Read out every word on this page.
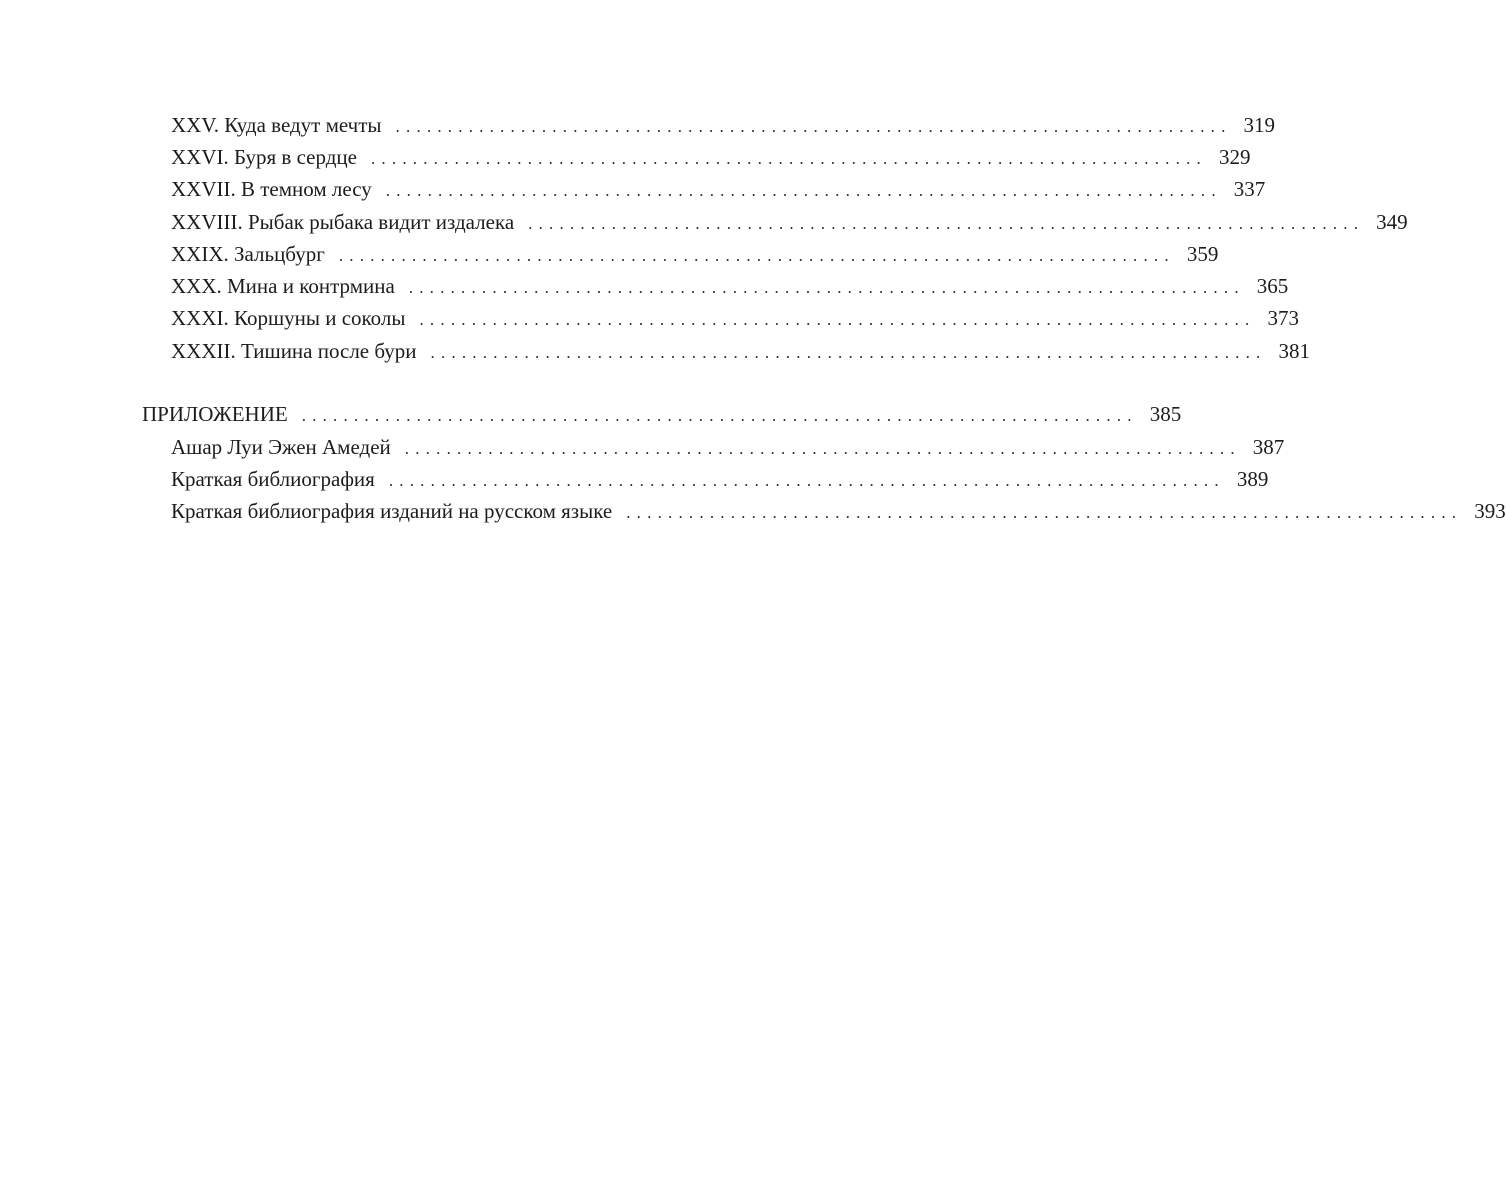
XXV. Куда ведут мечты ................................................................................ 319
XXVI. Буря в сердце ................................................................................ 329
XXVII. В темном лесу ................................................................................ 337
XXVIII. Рыбак рыбака видит издалека ................................................................................ 349
XXIX. Зальцбург ................................................................................ 359
XXX. Мина и контрмина ................................................................................ 365
XXXI. Коршуны и соколы ................................................................................ 373
XXXII. Тишина после бури ................................................................................ 381
ПРИЛОЖЕНИЕ ................................................................................ 385
Ашар Луи Эжен Амедей ................................................................................ 387
Краткая библиография ................................................................................ 389
Краткая библиография изданий на русском языке ................................................................................ 393
